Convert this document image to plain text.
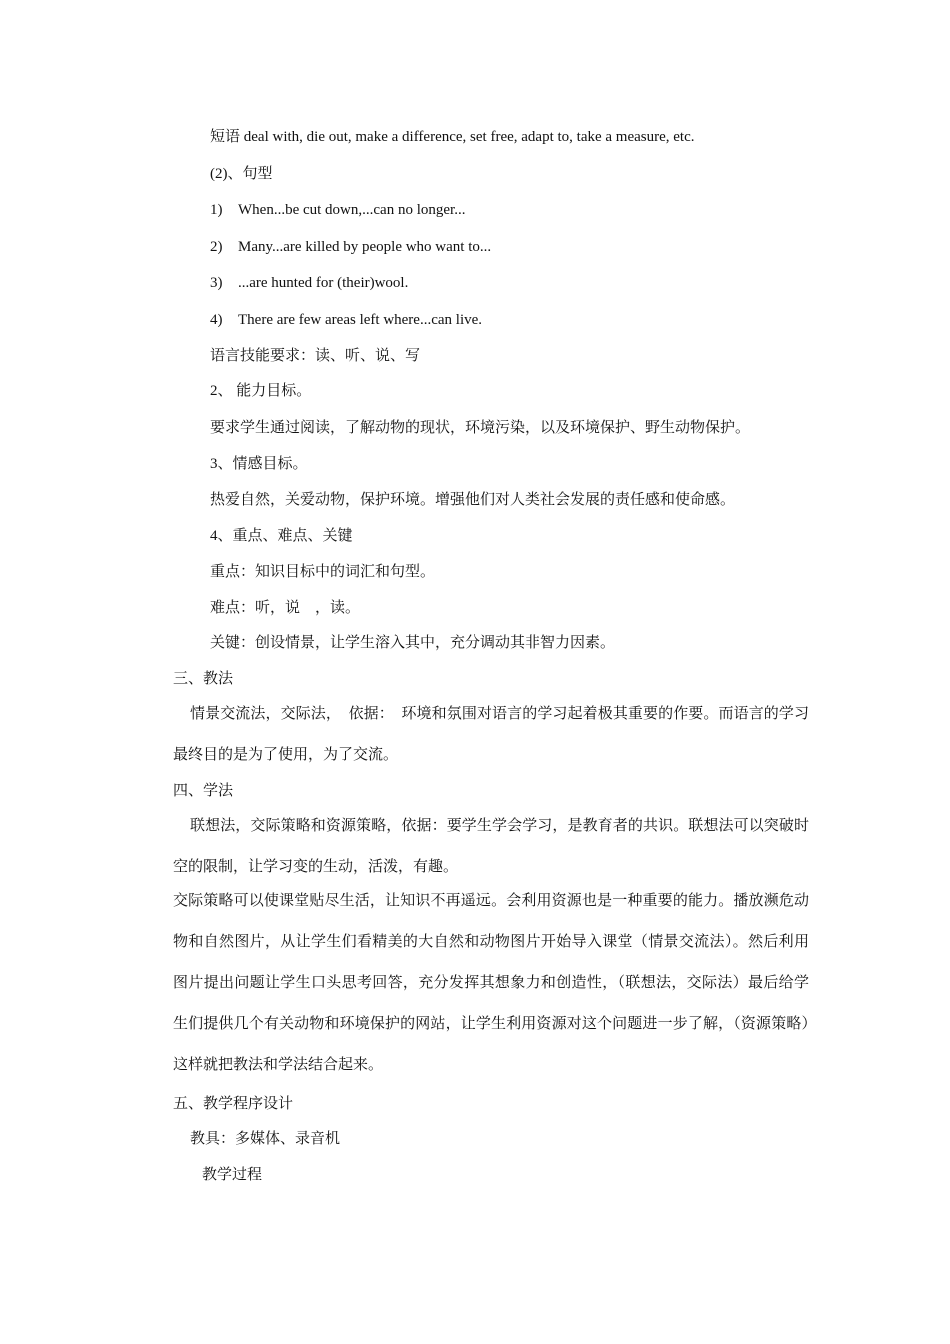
短语 deal with, die out, make a difference, set free, adapt to, take a measure, etc.
(2)、句型
1) When...be cut down,...can no longer...
2) Many...are killed by people who want to...
3) ...are hunted for (their)wool.
4) There are few areas left where...can live.
语言技能要求：读、听、说、写
2、 能力目标。
要求学生通过阅读，了解动物的现状，环境污染，以及环境保护、野生动物保护。
3、情感目标。
热爱自然，关爱动物，保护环境。增强他们对人类社会发展的责任感和使命感。
4、重点、难点、关键
重点：知识目标中的词汇和句型。
难点：听，说　，读。
关键：创设情景，让学生溶入其中，充分调动其非智力因素。
三、教法
情景交流法，交际法，　依据：　环境和氛围对语言的学习起着极其重要的作要。而语言的学习最终目的是为了使用，为了交流。
四、学法
联想法，交际策略和资源策略，依据：要学生学会学习，是教育者的共识。联想法可以突破时空的限制，让学习变的生动，活泼，有趣。
交际策略可以使课堂贴尽生活，让知识不再遥远。会利用资源也是一种重要的能力。播放濒危动物和自然图片，从让学生们看精美的大自然和动物图片开始导入课堂（情景交流法）。然后利用图片提出问题让学生口头思考回答，充分发挥其想象力和创造性，（联想法，交际法）最后给学生们提供几个有关动物和环境保护的网站，让学生利用资源对这个问题进一步了解，（资源策略）这样就把教法和学法结合起来。
五、教学程序设计
教具：多媒体、录音机
教学过程
